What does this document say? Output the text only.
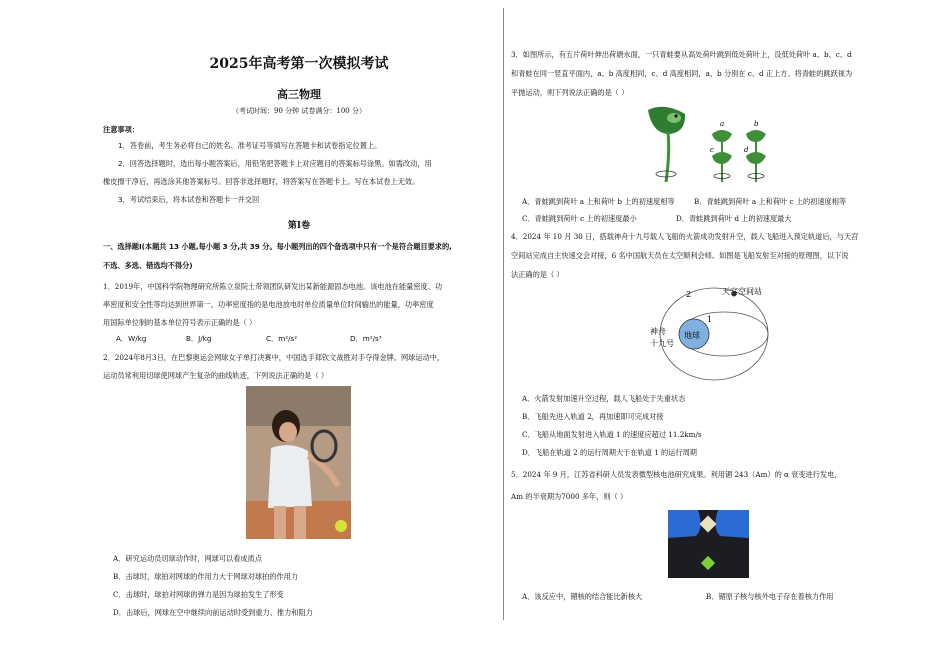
2025年高考第一次模拟考试
高三物理
（考试时间：90 分钟 试卷满分：100 分）
注意事项：
1．答卷前，考生务必将自己的姓名、准考证号等填写在答题卡和试卷指定位置上。
2．回答选择题时，选出每小题答案后，用铅笔把答题卡上对应题目的答案标号涂黑。如需改动，用
橡皮擦干净后，再选涂其他答案标号。回答非选择题时，将答案写在答题卡上。写在本试卷上无效。
3．考试结束后，将本试卷和答题卡一并交回
第Ⅰ卷
一、选择题Ⅰ(本题共 13 小题,每小题 3 分,共 39 分。每小题列出的四个备选项中只有一个是符合题目要求的,
不选、多选、错选均不得分)
1．2019年，中国科学院物理研究所陈立泉院士带领团队研发出某新能源固态电池。该电池在能量密度、功
率密度和安全性等均达到世界第一，功率密度指的是电池放电时单位质量单位时间输出的能量，功率密度
用国际单位制的基本单位符号表示正确的是（ ）
A．W/kg	B．J/kg	C．m²/s²	D．m²/s³
2．2024年8月3日，在巴黎奥运会网球女子单打决赛中，中国选手郑钦文战胜对手夺得金牌。网球运动中，
运动员常利用切球使网球产生复杂的曲线轨迹，下列说法正确的是（ ）
A．研究运动员切球动作时，网球可以看成质点
B．击球时，球拍对网球的作用力大于网球对球拍的作用力
C．击球时，球拍对网球的弹力是因为球拍发生了形变
D．击球后，网球在空中继续向前运动时受到重力、推力和阻力
3．如图所示，有五片荷叶伸出荷塘水面，一只青蛙要从高处荷叶跳到低处荷叶上，设低处荷叶 a、b、c、d
和青蛙在同一竖直平面内，a、b 高度相同，c、d 高度相同，a、b 分别在 c、d 正上方。将青蛙的跳跃视为
平抛运动，则下列说法正确的是（ ）
a	b
c	d
A．青蛙跳到荷叶 a 上和荷叶 b 上的初速度相等	B．青蛙跳到荷叶 a 上和荷叶 c 上的初速度相等
C．青蛙跳到荷叶 c 上的初速度最小	D．青蛙跳到荷叶 d 上的初速度最大
4．2024 年 10 月 30 日，搭载神舟十九号载人飞船的火箭成功发射升空，载人飞船进入预定轨道后，与天宫
空间站完成自主快速交会对接，6 名中国航天员在太空顺利会师。如图是飞船发射至对接的原理图，以下说
法正确的是（ ）
天宫空间站
2
1
地球
神舟
十九号
A．火箭发射加速升空过程，载人飞船处于失重状态
B．飞船先进入轨道 2，再加速即可完成对接
C．飞船从地面发射进入轨道 1 的速度应超过 11.2km/s
D．飞船在轨道 2 的运行周期大于在轨道 1 的运行周期
5．2024 年 9 月，江苏省科研人员发表微型核电池研究成果。利用镅 243（Am）的 α 衰变进行发电，
Am 的半衰期为7000 多年，则（ ）
A．该反应中，镅核的结合能比新核大	B．镅原子核与核外电子存在着核力作用
